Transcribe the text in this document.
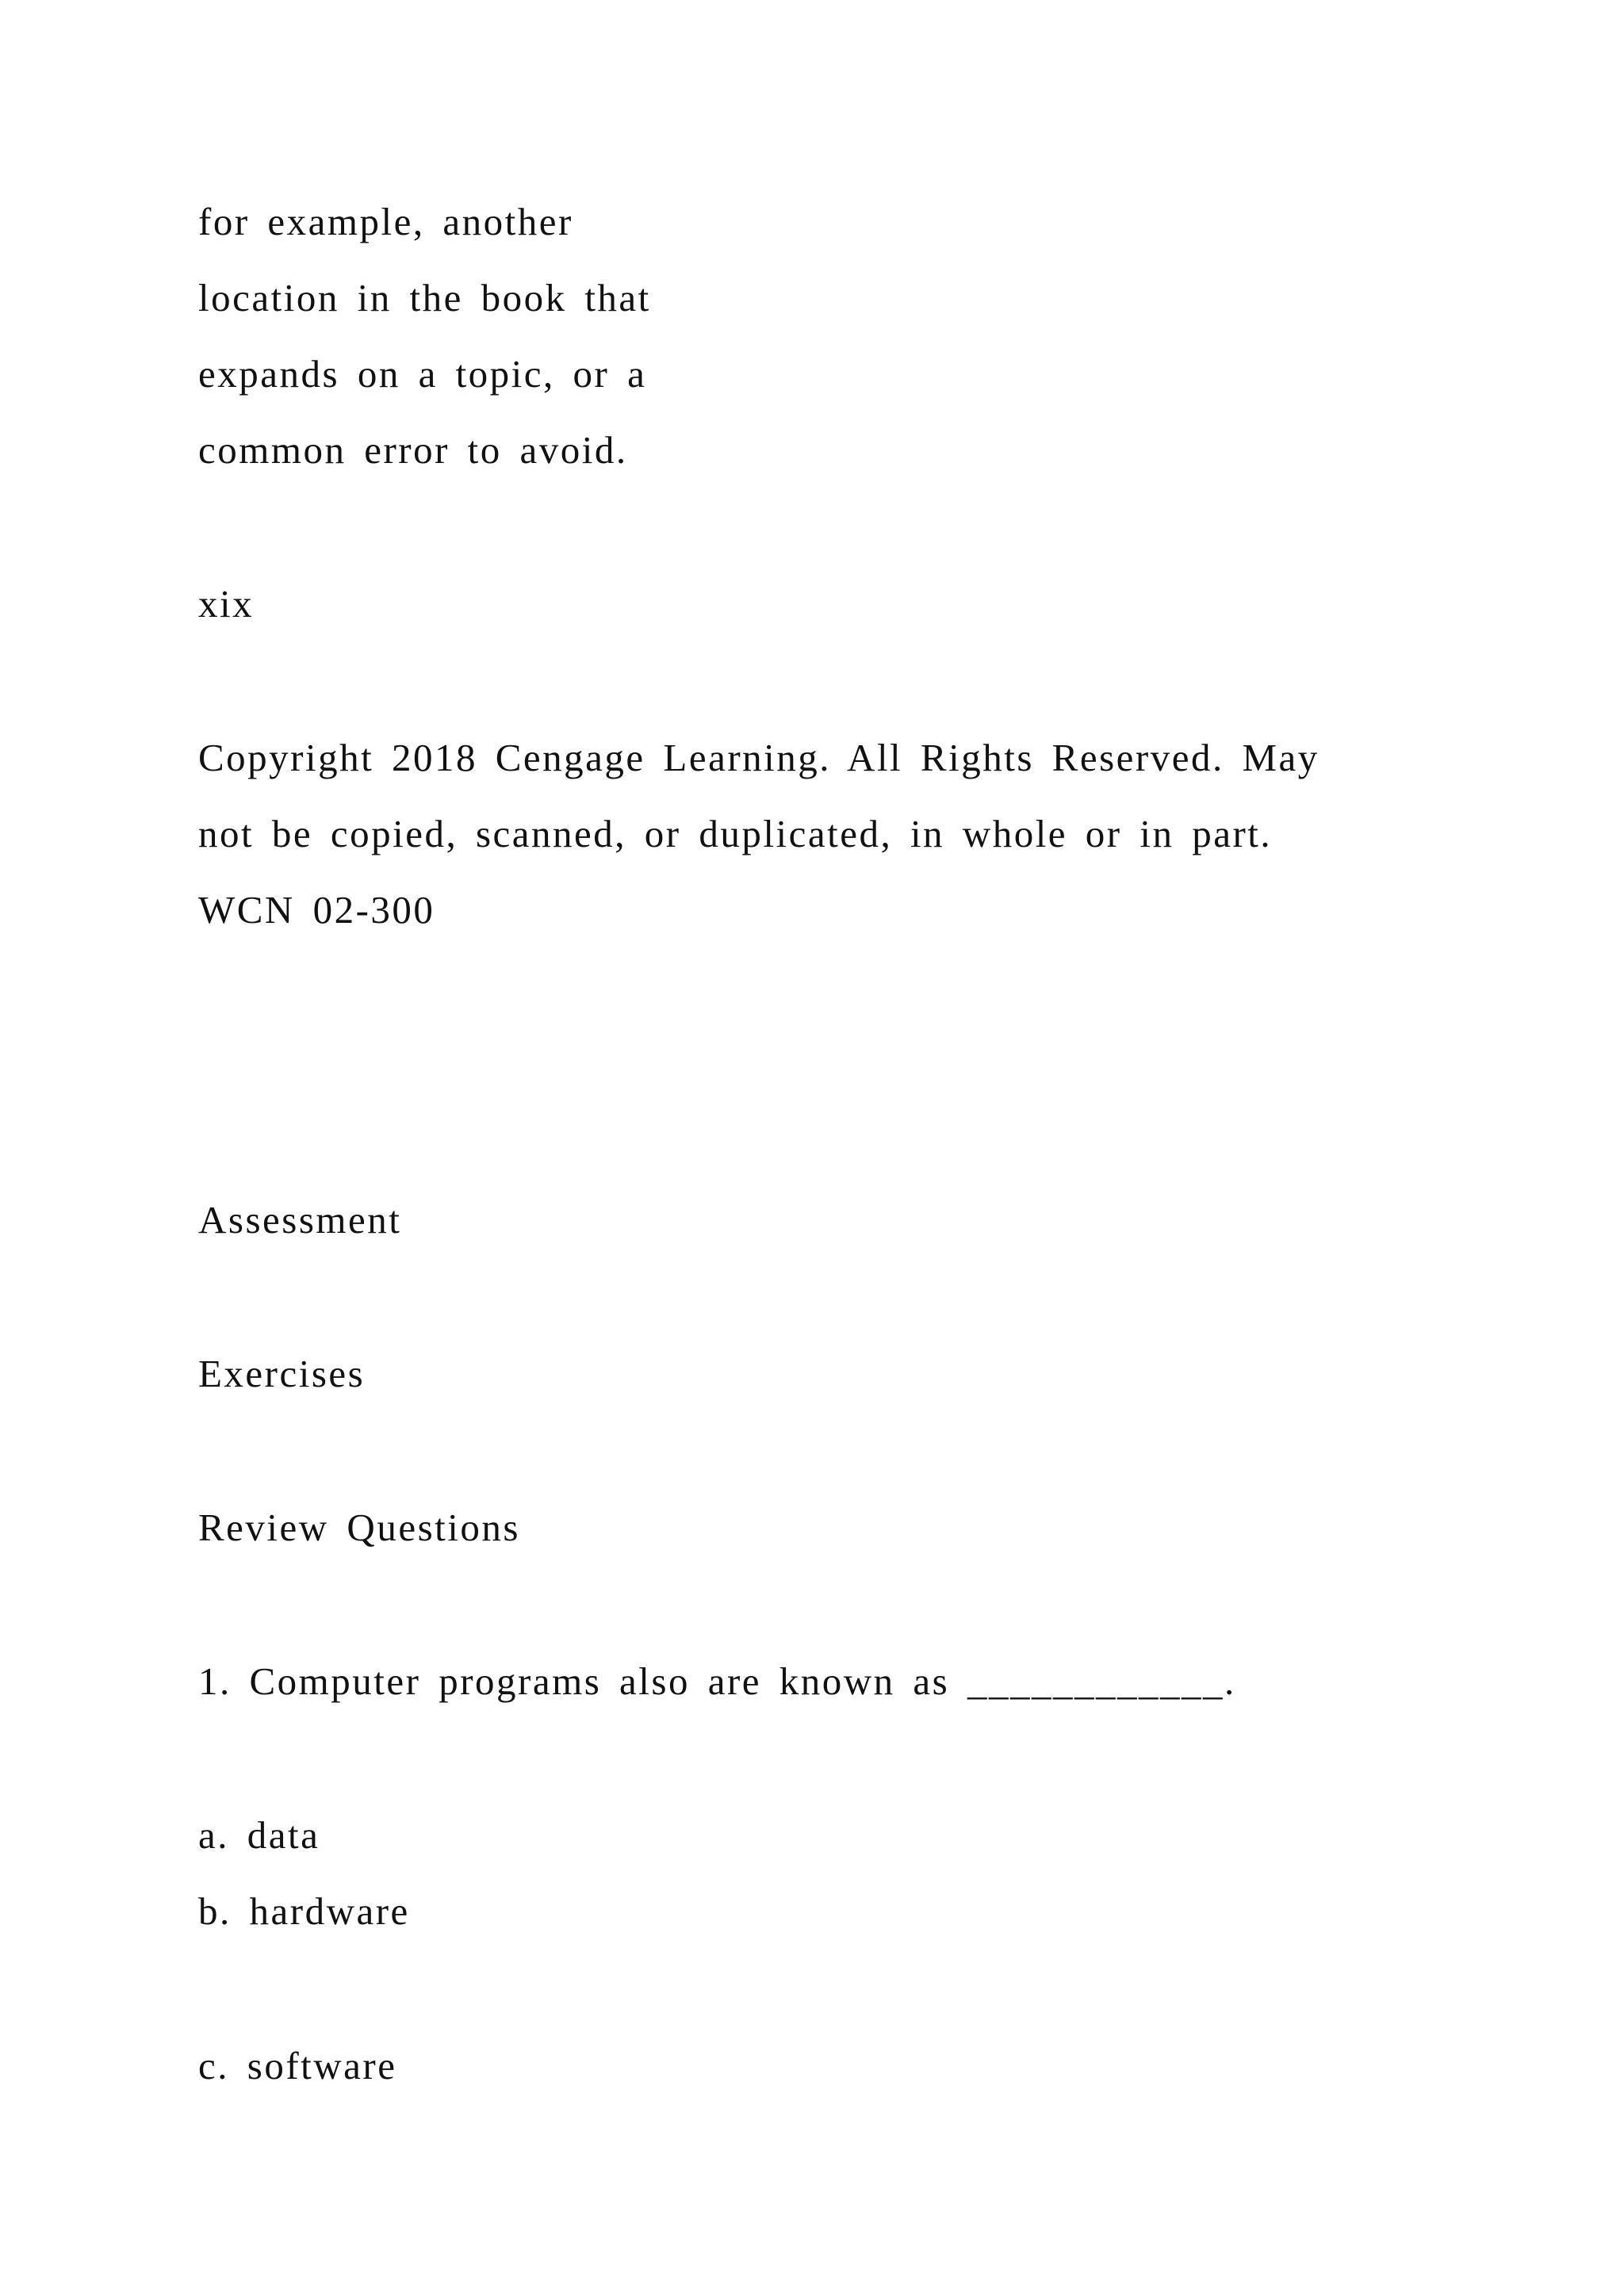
for example, another

location in the book that

expands on a topic, or a

common error to avoid.

xix

Copyright 2018 Cengage Learning. All Rights Reserved. May

not be copied, scanned, or duplicated, in whole or in part.

WCN 02-300

Assessment

Exercises

Review Questions

1. Computer programs also are known as ____________.

a. data

b. hardware

c. software
